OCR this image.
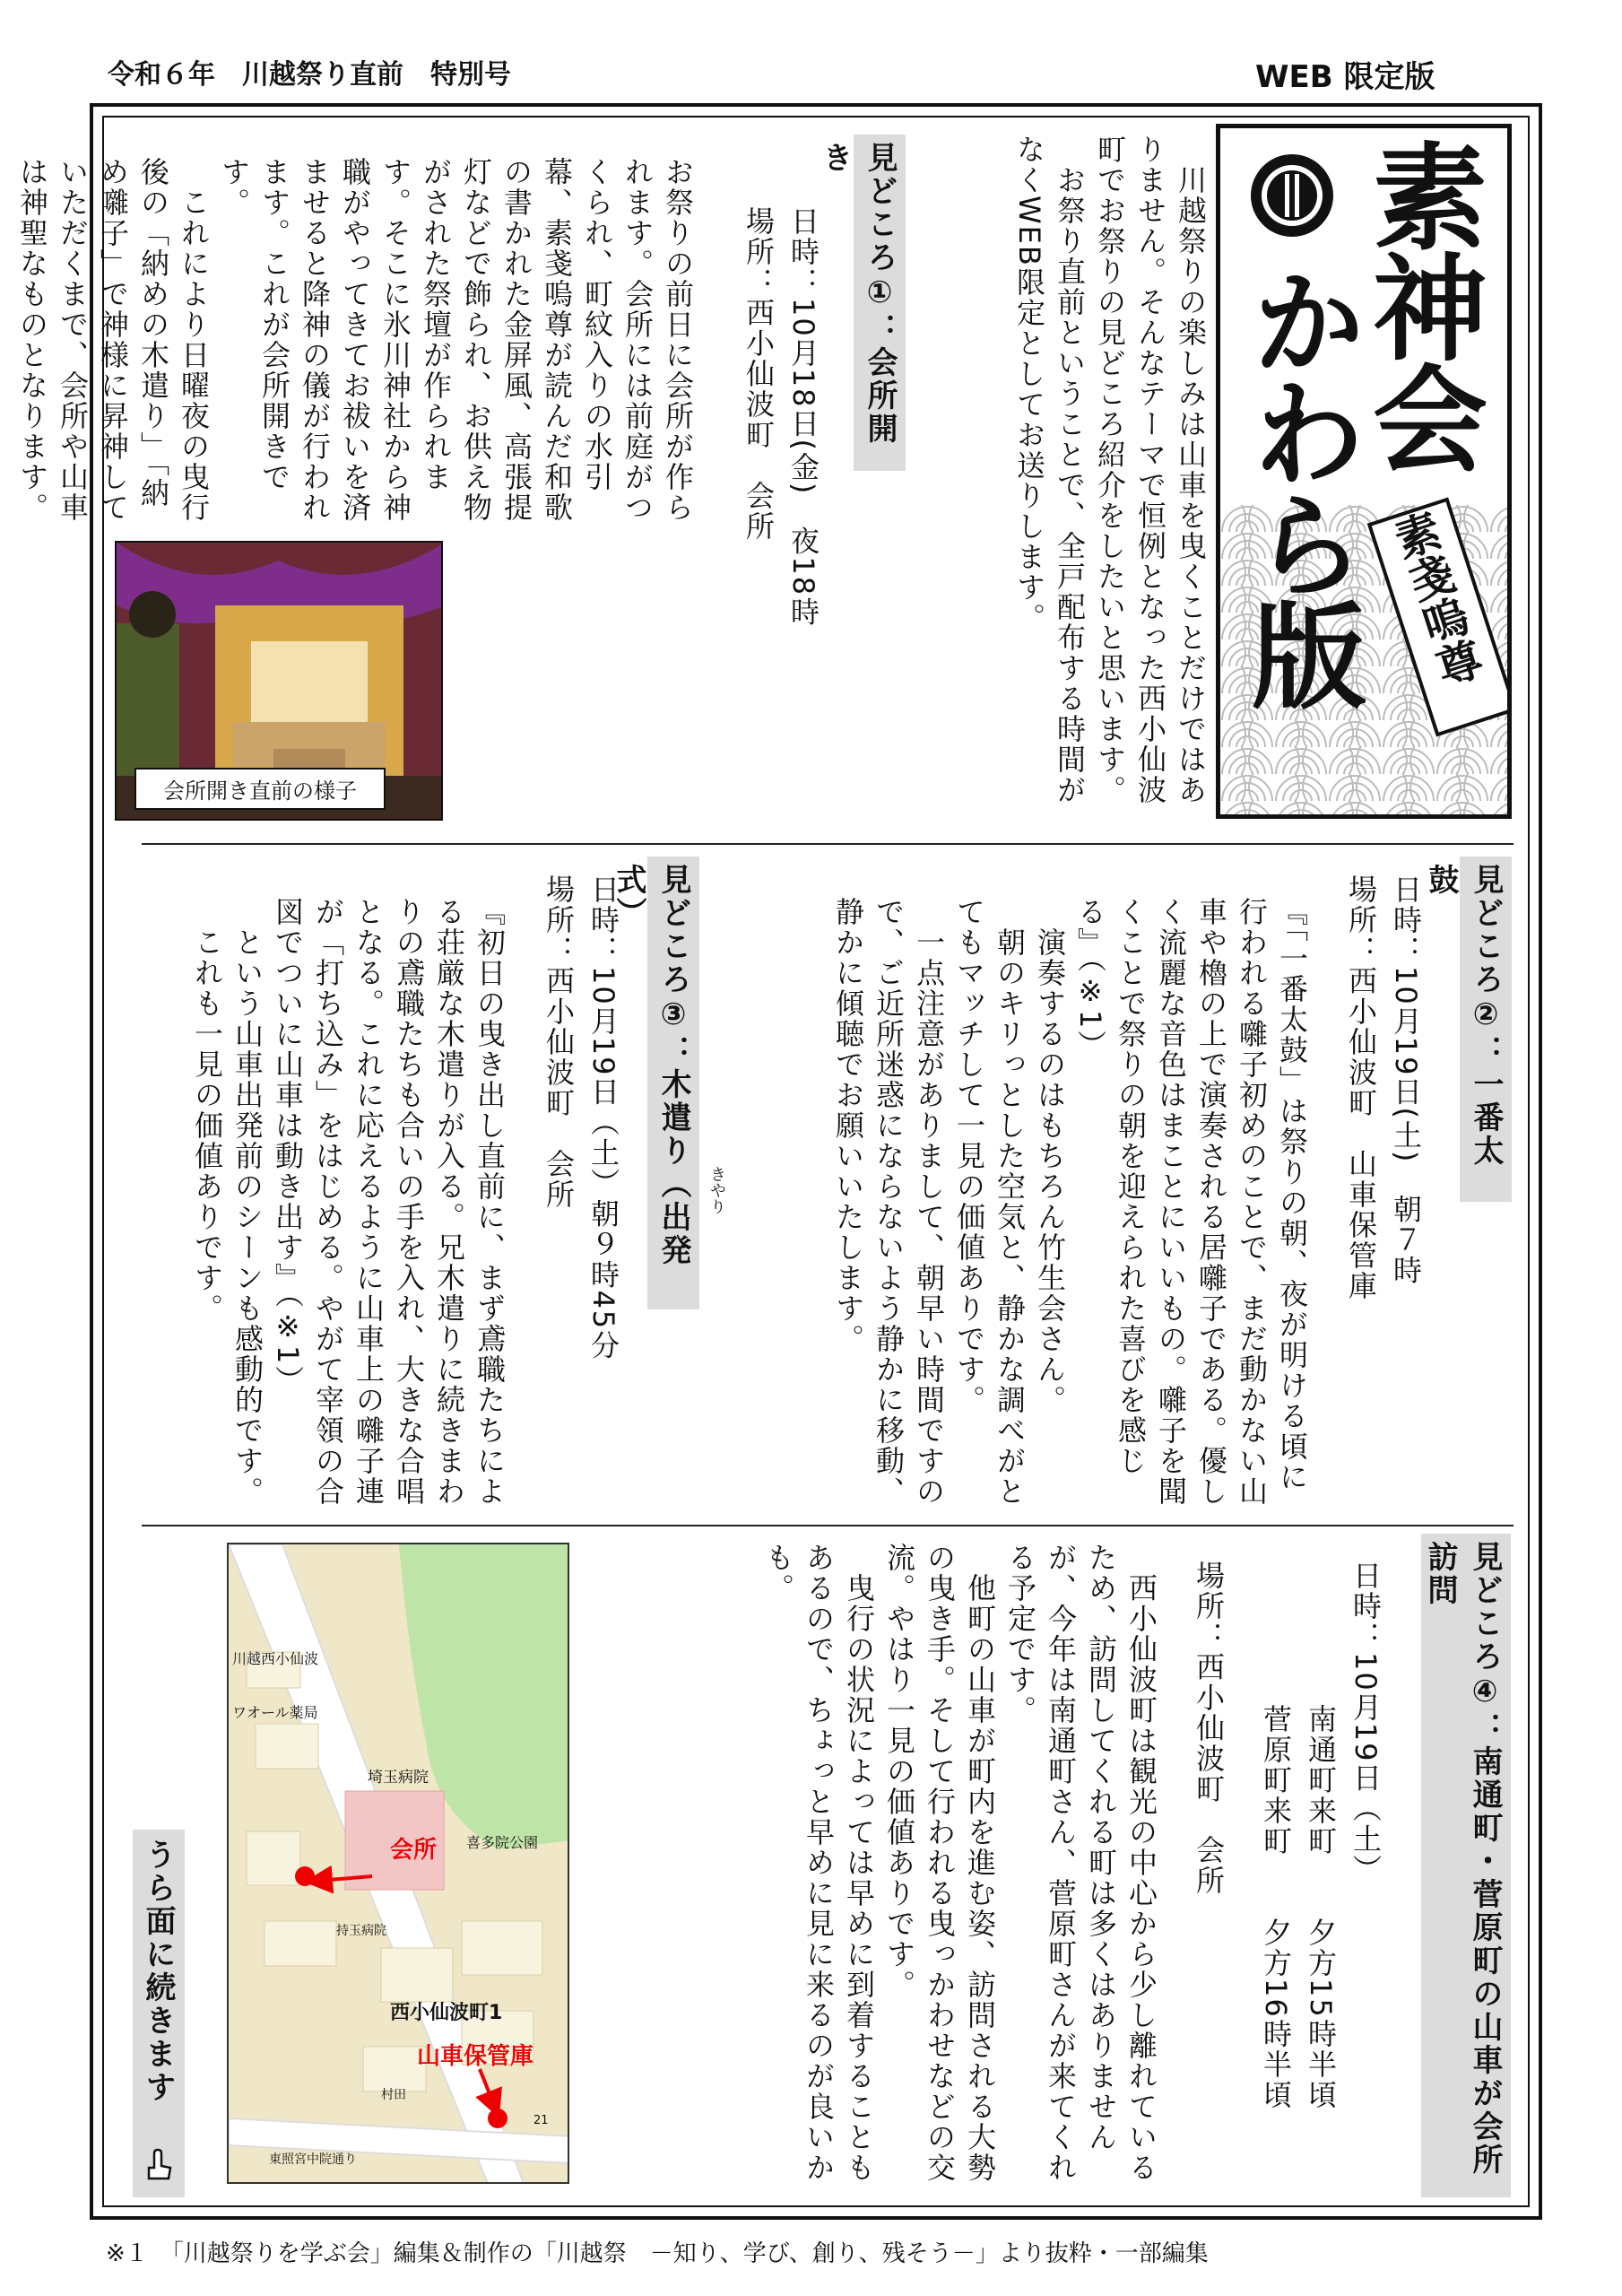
令和６年　川越祭り直前　特別号	WEB 限定版
素神会
かわら版 素戔嗚尊
　川越祭りの楽しみは山車を曳くことだけではありません。そんなテーマで恒例となった西小仙波町でお祭りの見どころ紹介をしたいと思います。
　お祭り直前ということで、全戸配布する時間がなくWEB限定としてお送りします。
見どころ①：会所開き
日時：10月18日(金)　夜18時
場所：西小仙波町　会所
お祭りの前日に会所が作られます。会所には前庭がつくられ、町紋入りの水引幕、素戔嗚尊が読んだ和歌の書かれた金屏風、高張提灯などで飾られ、お供え物がされた祭壇が作られます。そこに氷川神社から神職がやってきてお祓いを済ませると降神の儀が行われます。これが会所開きです。
　これにより日曜夜の曳行後の「納めの木遣り」「納め囃子」で神様に昇神していただくまで、会所や山車は神聖なものとなります。
会所開き直前の様子
見どころ②：一番太鼓
日時：10月19日(土)　朝７時
場所：西小仙波町　山車保管庫
『「一番太鼓」は祭りの朝、夜が明ける頃に行われる囃子初めのことで、まだ動かない山車や櫓の上で演奏される居囃子である。優しく流麗な音色はまことにいいもの。囃子を聞くことで祭りの朝を迎えられた喜びを感じる』（※1）
　演奏するのはもちろん竹生会さん。
　朝のキリっとした空気と、静かな調べがとてもマッチして一見の価値ありです。
　一点注意がありまして、朝早い時間ですので、ご近所迷惑にならないよう静かに移動、静かに傾聴でお願いいたします。
見どころ③：木遣り（出発式）
きやり
日時：10月19日（土）朝９時45分
場所：西小仙波町　会所
『初日の曳き出し直前に、まず鳶職たちによる荘厳な木遣りが入る。兄木遣りに続きまわりの鳶職たちも合いの手を入れ、大きな合唱となる。これに応えるように山車上の囃子連が「打ち込み」をはじめる。やがて宰領の合図でついに山車は動き出す』（※1）
　という山車出発前のシーンも感動的です。
　これも一見の価値ありです。
見どころ④：南通町・菅原町の山車が会所訪問
日時：10月19日（土）
南通町来町　　夕方15時半頃
菅原町来町　　夕方16時半頃
場所：西小仙波町　会所
　西小仙波町は観光の中心から少し離れているため、訪問してくれる町は多くはありませんが、今年は南通町さん、菅原町さんが来てくれる予定です。
　他町の山車が町内を進む姿、訪問される大勢の曳き手。そして行われる曳っかわせなどの交流。やはり一見の価値ありです。
　曳行の状況によっては早めに到着することもあるので、ちょっと早めに見に来るのが良いかも。
川越西小仙波
ワオール薬局
埼玉病院
会所 喜多院公園
持玉病院
西小仙波町1
山車保管庫
村田
21
東照宮中院通り
うら面に続きます
※１　「川越祭りを学ぶ会」編集＆制作の「川越祭　－知り、学び、創り、残そう－」より抜粋・一部編集
